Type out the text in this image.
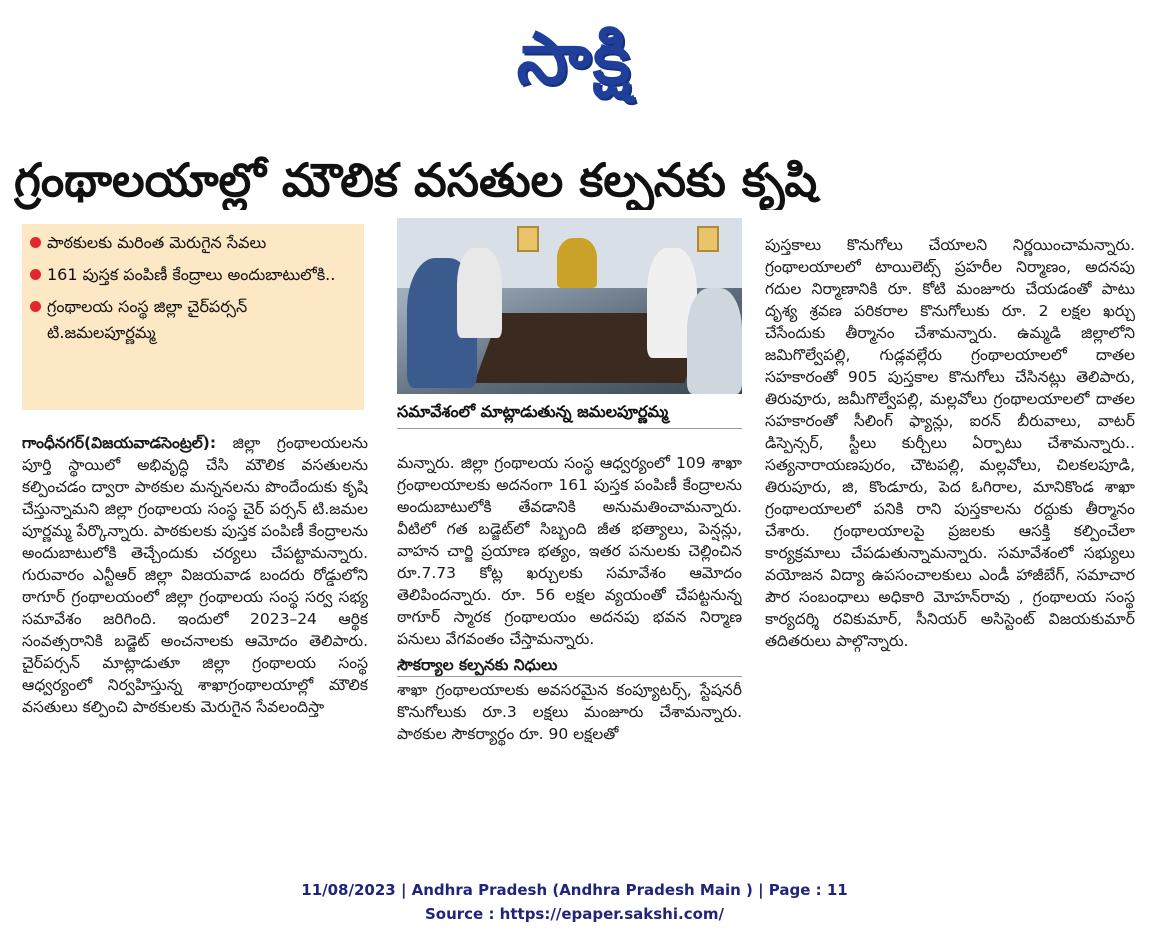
సాక్షి
గ్రంథాలయాల్లో మౌలిక వసతుల కల్పనకు కృషి
పాఠకులకు మరింత మెరుగైన సేవలు
161 పుస్తక పంపిణీ కేంద్రాలు అందుబాటులోకి..
గ్రంథాలయ సంస్థ జిల్లా చైర్‌పర్సన్ టి.జమలపూర్ణమ్మ
సమావేశంలో మాట్లాడుతున్న జమలపూర్ణమ్మ

గాంధీనగర్(విజయవాడసెంట్రల్): జిల్లా గ్రంథాలయలను పూర్తి స్థాయిలో అభివృద్ధి చేసి మౌలిక వసతులను కల్పించడం ద్వారా పాఠకుల మన్ననలను పొందేందుకు కృషి చేస్తున్నామని జిల్లా గ్రంథాలయ సంస్థ చైర్ పర్సన్ టి.జమల పూర్ణమ్మ పేర్కొన్నారు. పాఠకులకు పుస్తక పంపిణీ కేంద్రాలను అందుబాటులోకి తెచ్చేందుకు చర్యలు చేపట్టామన్నారు. గురువారం ఎన్టీఆర్ జిల్లా విజయవాడ బందరు రోడ్డులోని ఠాగూర్ గ్రంథాలయంలో జిల్లా గ్రంథాలయ సంస్థ సర్వ సభ్య సమావేశం జరిగింది. ఇందులో 2023–24 ఆర్థిక సంవత్సరానికి బడ్జెట్ అంచనాలకు ఆమోదం తెలిపారు. చైర్‌పర్సన్ మాట్లాడుతూ జిల్లా గ్రంథాలయ సంస్థ ఆధ్వర్యంలో నిర్వహిస్తున్న శాఖాగ్రంథాలయాల్లో మౌలిక వసతులు కల్పించి పాఠకులకు మెరుగైన సేవలందిస్తా

మన్నారు. జిల్లా గ్రంథాలయ సంస్థ ఆధ్వర్యంలో 109 శాఖా గ్రంథాలయాలకు అదనంగా 161 పుస్తక పంపిణీ కేంద్రాలను అందుబాటులోకి తేవడానికి అనుమతించామన్నారు. వీటిలో గత బడ్జెట్‌లో సిబ్బంది జీత భత్యాలు, పెన్షన్లు, వాహన చార్జి ప్రయాణ భత్యం, ఇతర పనులకు చెల్లించిన రూ.7.73 కోట్ల ఖర్చులకు సమావేశం ఆమోదం తెలిపిందన్నారు. రూ. 56 లక్షల వ్యయంతో చేపట్టనున్న ఠాగూర్ స్మారక గ్రంథాలయం అదనపు భవన నిర్మాణ పనులు వేగవంతం చేస్తామన్నారు.

సౌకర్యాల కల్పనకు నిధులు

శాఖా గ్రంథాలయాలకు అవసరమైన కంప్యూటర్స్, స్టేషనరీ కొనుగోలుకు రూ.3 లక్షలు మంజూరు చేశామన్నారు. పాఠకుల సౌకర్యార్థం రూ. 90 లక్షలతో

పుస్తకాలు కొనుగోలు చేయాలని నిర్ణయించామన్నారు. గ్రంథాలయాలలో టాయిలెట్స్ ప్రహరీల నిర్మాణం, అదనపు గదుల నిర్మాణానికి రూ. కోటి మంజూరు చేయడంతో పాటు దృశ్య శ్రవణ పరికరాల కొనుగోలుకు రూ. 2 లక్షల ఖర్చు చేసేందుకు తీర్మానం చేశామన్నారు. ఉమ్మడి జిల్లాలోని జమిగొల్వేపల్లి, గుడ్లవల్లేరు గ్రంథాలయాలలో దాతల సహకారంతో 905 పుస్తకాల కొనుగోలు చేసినట్లు తెలిపారు, తిరువూరు, జమీగొల్వేపల్లి, మల్లవోలు గ్రంథాలయాలలో దాతల సహకారంతో సీలింగ్ ఫ్యాన్లు, ఐరన్ బీరువాలు, వాటర్ డిస్పెన్సర్, స్టీలు కుర్చీలు ఏర్పాటు చేశామన్నారు.. సత్యనారాయణపురం, చౌటపల్లి, మల్లవోలు, చిలకలపూడి, తిరుపూరు, జి, కొండూరు, పెద ఓగిరాల, మానికొండ శాఖా గ్రంథాలయాలలో పనికి రాని పుస్తకాలను రద్దుకు తీర్మానం చేశారు. గ్రంథాలయాలపై ప్రజలకు ఆసక్తి కల్పించేలా కార్యక్రమాలు చేపడుతున్నామన్నారు. సమావేశంలో సభ్యులు వయోజన విద్యా ఉపసంచాలకులు ఎండీ హాజీబేగ్, సమాచార పౌర సంబంధాలు అధికారి మోహన్‌రావు , గ్రంథాలయ సంస్థ కార్యదర్శి రవికుమార్, సీనియర్ అసిస్టెంట్ విజయకుమార్ తదితరులు పాల్గొన్నారు.

11/08/2023 | Andhra Pradesh (Andhra Pradesh Main ) | Page : 11
Source : https://epaper.sakshi.com/
